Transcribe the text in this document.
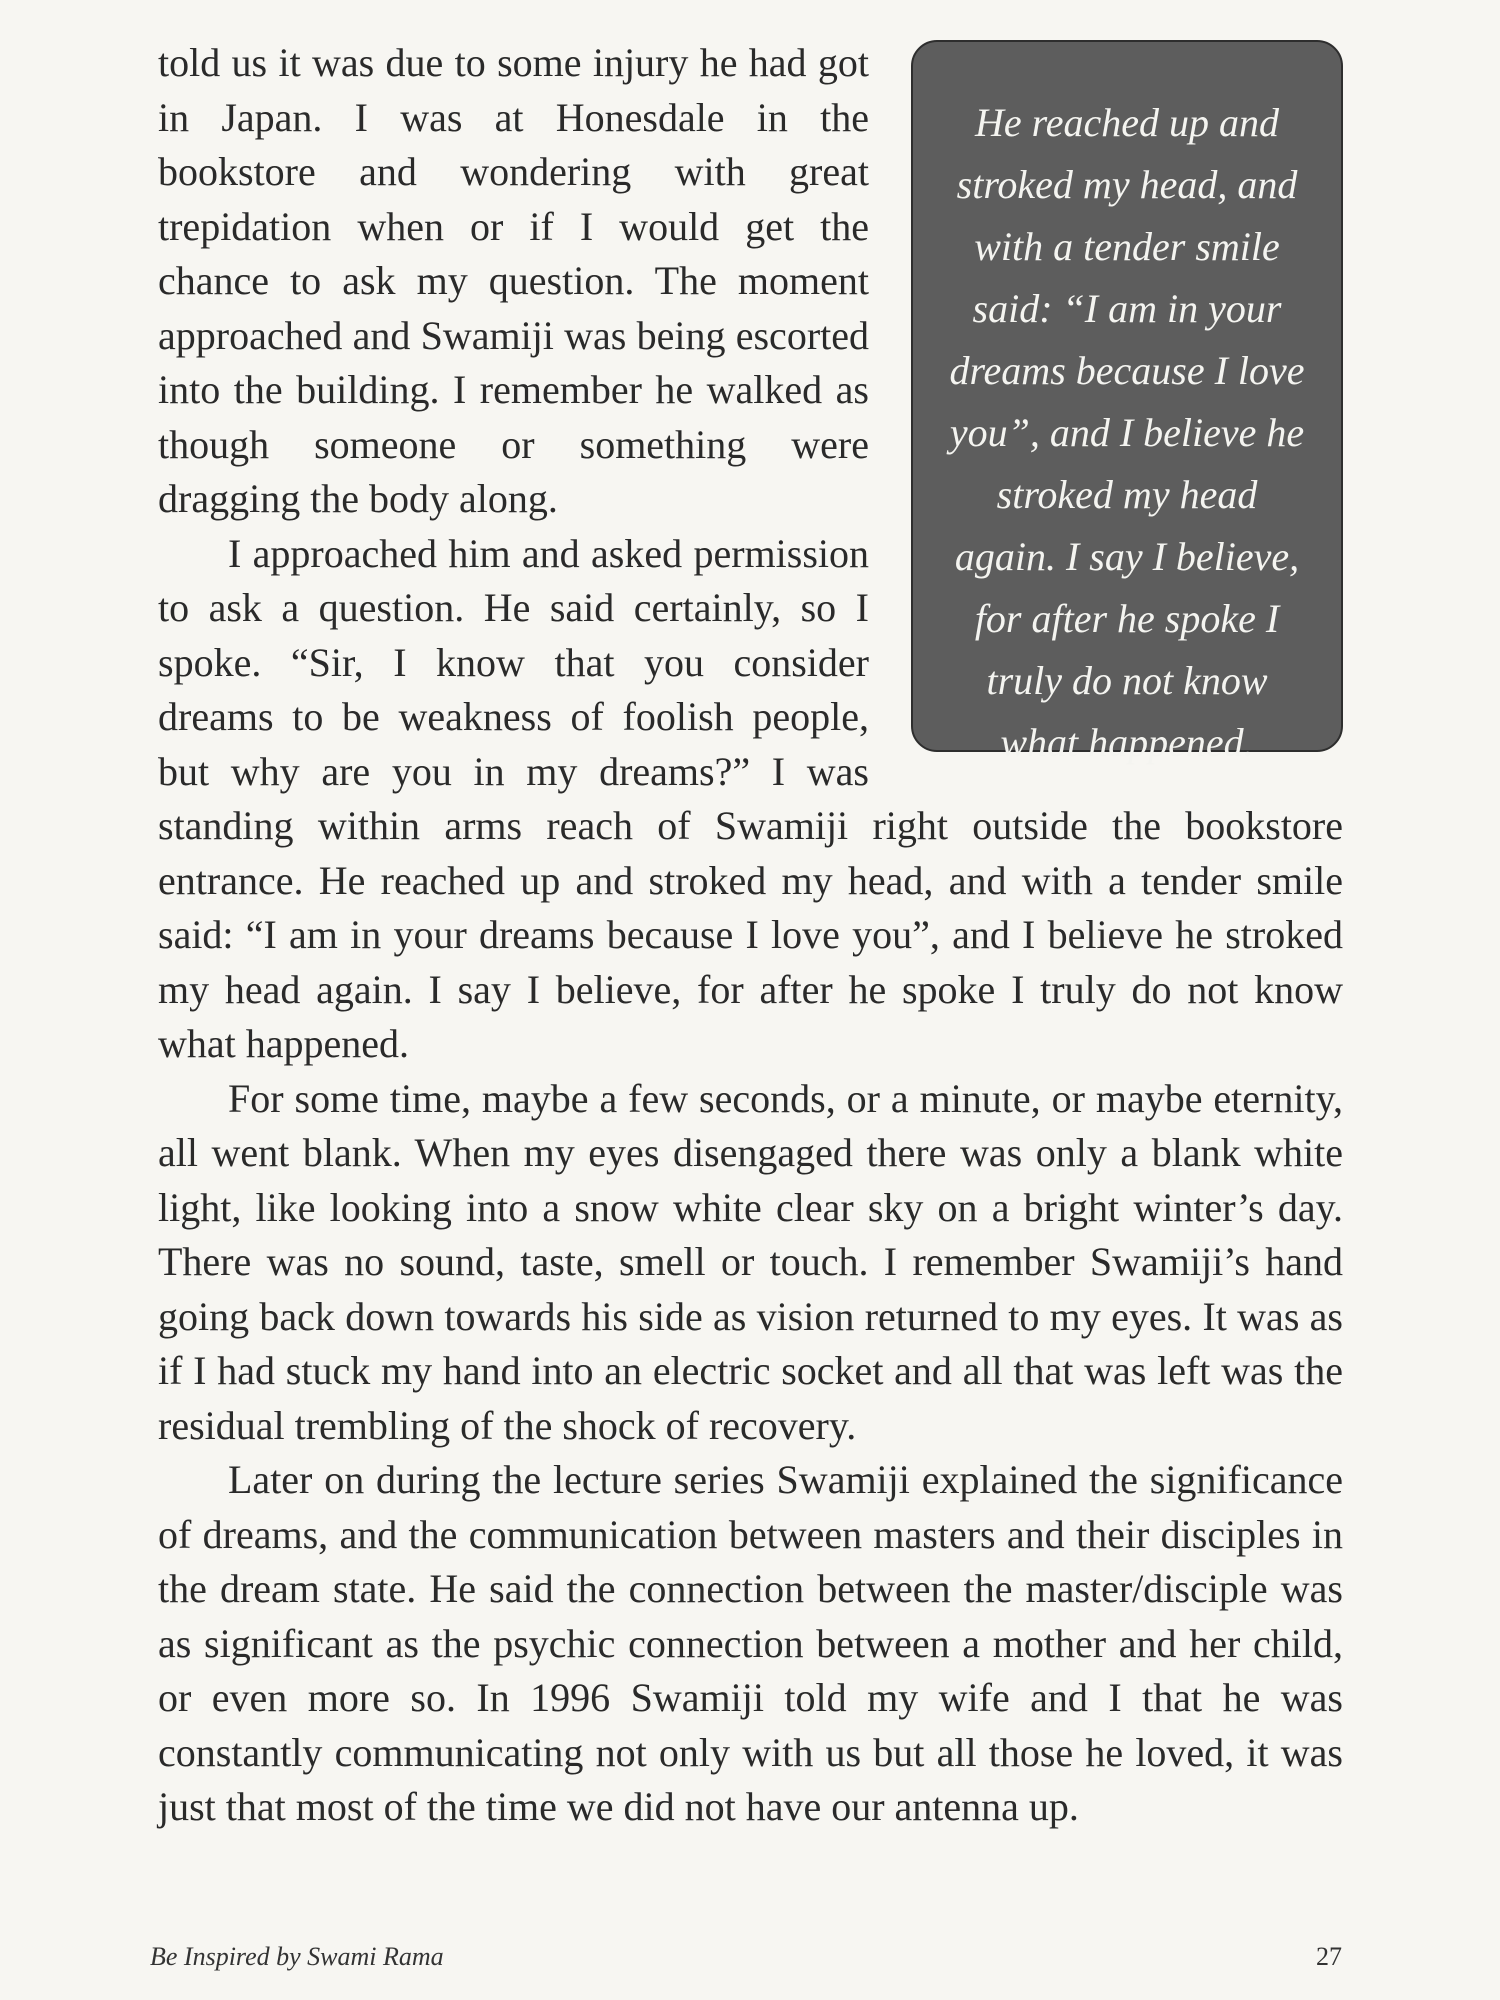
He reached up and stroked my head, and with a tender smile said: “I am in your dreams because I love you”, and I believe he stroked my head again. I say I believe, for after he spoke I truly do not know what happened.

told us it was due to some injury he had got in Japan. I was at Honesdale in the bookstore and wondering with great trepidation when or if I would get the chance to ask my question. The moment approached and Swamiji was being escorted into the building. I remember he walked as though someone or something were dragging the body along.

I approached him and asked permission to ask a question. He said certainly, so I spoke. “Sir, I know that you consider dreams to be weakness of foolish people, but why are you in my dreams?” I was standing within arms reach of Swamiji right outside the bookstore entrance. He reached up and stroked my head, and with a tender smile said: “I am in your dreams because I love you”, and I believe he stroked my head again. I say I believe, for after he spoke I truly do not know what happened.

For some time, maybe a few seconds, or a minute, or maybe eternity, all went blank. When my eyes disengaged there was only a blank white light, like looking into a snow white clear sky on a bright winter’s day. There was no sound, taste, smell or touch. I remember Swamiji’s hand going back down towards his side as vision returned to my eyes. It was as if I had stuck my hand into an electric socket and all that was left was the residual trembling of the shock of recovery.

Later on during the lecture series Swamiji explained the significance of dreams, and the communication between masters and their disciples in the dream state. He said the connection between the master/disciple was as significant as the psychic connection between a mother and her child, or even more so. In 1996 Swamiji told my wife and I that he was constantly communicating not only with us but all those he loved, it was just that most of the time we did not have our antenna up.

Be Inspired by Swami Rama	27
